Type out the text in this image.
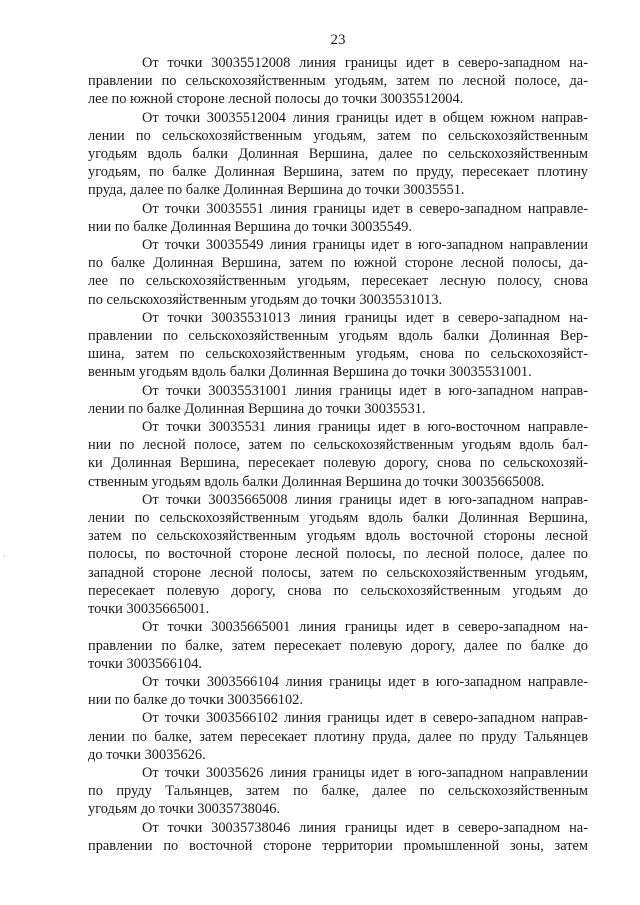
23

От точки 30035512008 линия границы идет в северо-западном на-
правлении по сельскохозяйственным угодьям, затем по лесной полосе, да-
лее по южной стороне лесной полосы до точки 30035512004.

От точки 30035512004 линия границы идет в общем южном направ-
лении по сельскохозяйственным угодьям, затем по сельскохозяйственным
угодьям вдоль балки Долинная Вершина, далее по сельскохозяйственным
угодьям, по балке Долинная Вершина, затем по пруду, пересекает плотину
пруда, далее по балке Долинная Вершина до точки 30035551.

От точки 30035551 линия границы идет в северо-западном направле-
нии по балке Долинная Вершина до точки 30035549.

От точки 30035549 линия границы идет в юго-западном направлении
по балке Долинная Вершина, затем по южной стороне лесной полосы, да-
лее по сельскохозяйственным угодьям, пересекает лесную полосу, снова
по сельскохозяйственным угодьям до точки 30035531013.

От точки 30035531013 линия границы идет в северо-западном на-
правлении по сельскохозяйственным угодьям вдоль балки Долинная Вер-
шина, затем по сельскохозяйственным угодьям, снова по сельскохозяйст-
венным угодьям вдоль балки Долинная Вершина до точки 30035531001.

От точки 30035531001 линия границы идет в юго-западном направ-
лении по балке Долинная Вершина до точки 30035531.

От точки 30035531 линия границы идет в юго-восточном направле-
нии по лесной полосе, затем по сельскохозяйственным угодьям вдоль бал-
ки Долинная Вершина, пересекает полевую дорогу, снова по сельскохозяй-
ственным угодьям вдоль балки Долинная Вершина до точки 30035665008.

От точки 30035665008 линия границы идет в юго-западном направ-
лении по сельскохозяйственным угодьям вдоль балки Долинная Вершина,
затем по сельскохозяйственным угодьям вдоль восточной стороны лесной
полосы, по восточной стороне лесной полосы, по лесной полосе, далее по
западной стороне лесной полосы, затем по сельскохозяйственным угодьям,
пересекает полевую дорогу, снова по сельскохозяйственным угодьям до
точки 30035665001.

От точки 30035665001 линия границы идет в северо-западном на-
правлении по балке, затем пересекает полевую дорогу, далее по балке до
точки 3003566104.

От точки 3003566104 линия границы идет в юго-западном направле-
нии по балке до точки 3003566102.

От точки 3003566102 линия границы идет в северо-западном направ-
лении по балке, затем пересекает плотину пруда, далее по пруду Тальянцев
до точки 30035626.

От точки 30035626 линия границы идет в юго-западном направлении
по пруду Тальянцев, затем по балке, далее по сельскохозяйственным
угодьям до точки 30035738046.

От точки 30035738046 линия границы идет в северо-западном на-
правлении по восточной стороне территории промышленной зоны, затем
